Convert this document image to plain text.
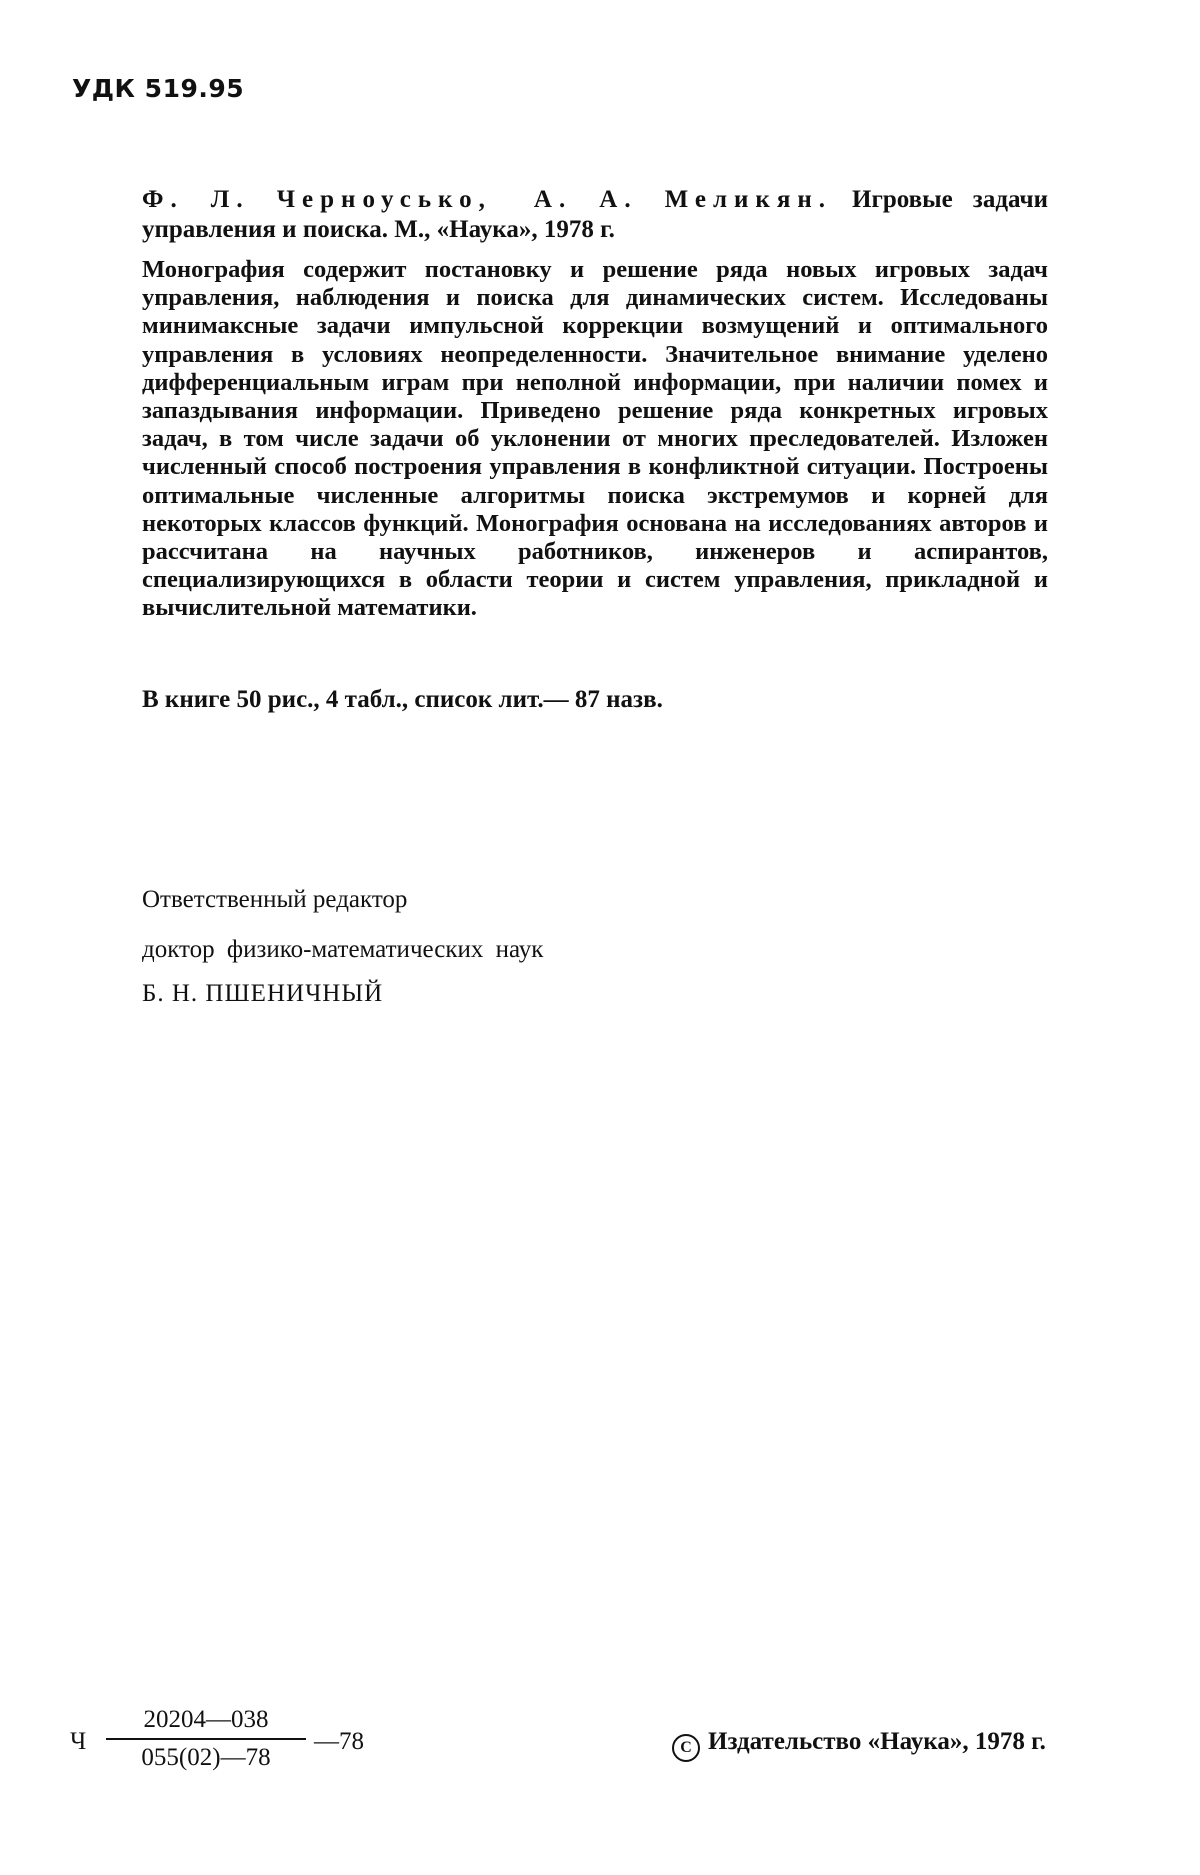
УДК 519.95
Ф. Л. Черноусько, А. А. Меликян. Игровые задачи управления и поиска. М., «Наука», 1978 г.

Монография содержит постановку и решение ряда новых игровых задач управления, наблюдения и поиска для динамических систем. Исследованы минимаксные задачи импульсной коррекции возмущений и оптимального управления в условиях неопределенности. Значительное внимание уделено дифференциальным играм при неполной информации, при наличии помех и запаздывания информации. Приведено решение ряда конкретных игровых задач, в том числе задачи об уклонении от многих преследователей. Изложен численный способ построения управления в конфликтной ситуации. Построены оптимальные численные алгоритмы поиска экстремумов и корней для некоторых классов функций. Монография основана на исследованиях авторов и рассчитана на научных работников, инженеров и аспирантов, специализирующихся в области теории и систем управления, прикладной и вычислительной математики.

В книге 50 рис., 4 табл., список лит.— 87 назв.
Ответственный редактор
доктор физико-математических наук
Б. Н. ПШЕНИЧНЫЙ
Ч
20204—038
055(02)—78
—78	C Издательство «Наука», 1978 г.
